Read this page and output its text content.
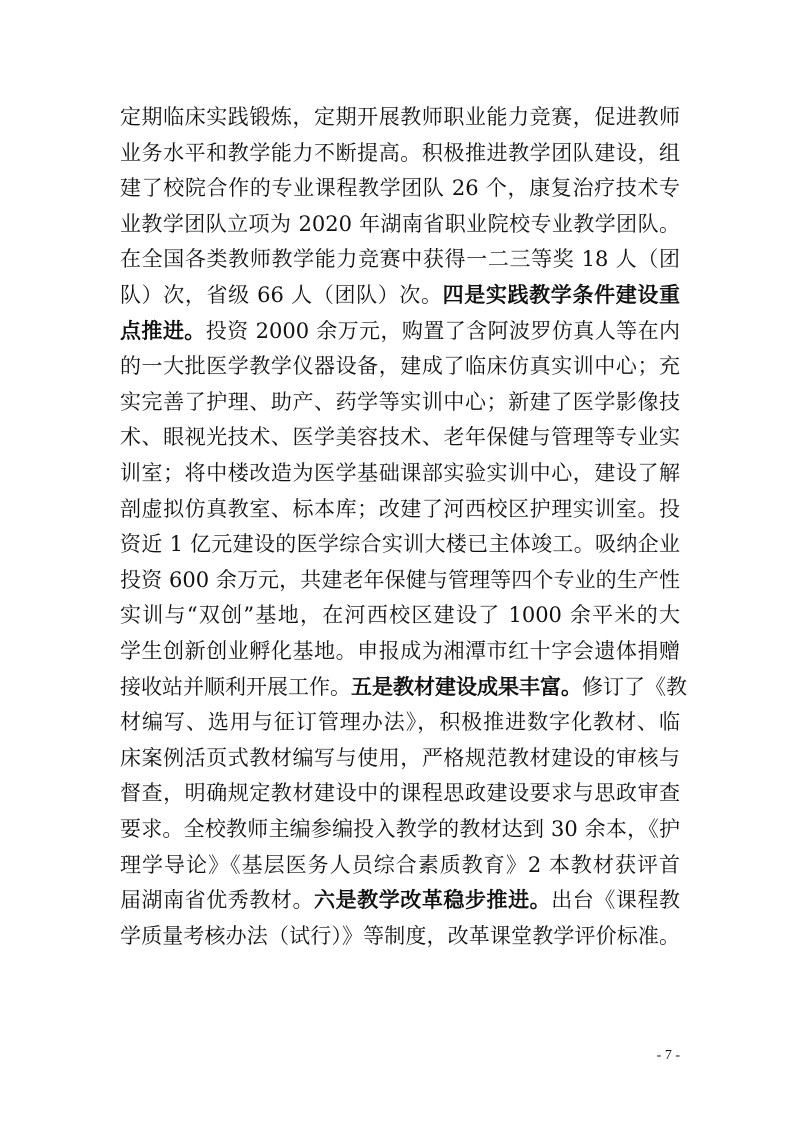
定期临床实践锻炼，定期开展教师职业能力竞赛，促进教师
业务水平和教学能力不断提高。积极推进教学团队建设，组
建了校院合作的专业课程教学团队 26 个，康复治疗技术专
业教学团队立项为 2020 年湖南省职业院校专业教学团队。
在全国各类教师教学能力竞赛中获得一二三等奖 18 人（团
队）次，省级 66 人（团队）次。四是实践教学条件建设重
点推进。投资 2000 余万元，购置了含阿波罗仿真人等在内
的一大批医学教学仪器设备，建成了临床仿真实训中心；充
实完善了护理、助产、药学等实训中心；新建了医学影像技
术、眼视光技术、医学美容技术、老年保健与管理等专业实
训室；将中楼改造为医学基础课部实验实训中心，建设了解
剖虚拟仿真教室、标本库；改建了河西校区护理实训室。投
资近 1 亿元建设的医学综合实训大楼已主体竣工。吸纳企业
投资 600 余万元，共建老年保健与管理等四个专业的生产性
实训与“双创”基地，在河西校区建设了 1000 余平米的大
学生创新创业孵化基地。申报成为湘潭市红十字会遗体捐赠
接收站并顺利开展工作。五是教材建设成果丰富。修订了《教
材编写、选用与征订管理办法》，积极推进数字化教材、临
床案例活页式教材编写与使用，严格规范教材建设的审核与
督查，明确规定教材建设中的课程思政建设要求与思政审查
要求。全校教师主编参编投入教学的教材达到 30 余本，《护
理学导论》《基层医务人员综合素质教育》2 本教材获评首
届湖南省优秀教材。六是教学改革稳步推进。出台《课程教
学质量考核办法（试行）》等制度，改革课堂教学评价标准。
- 7 -
